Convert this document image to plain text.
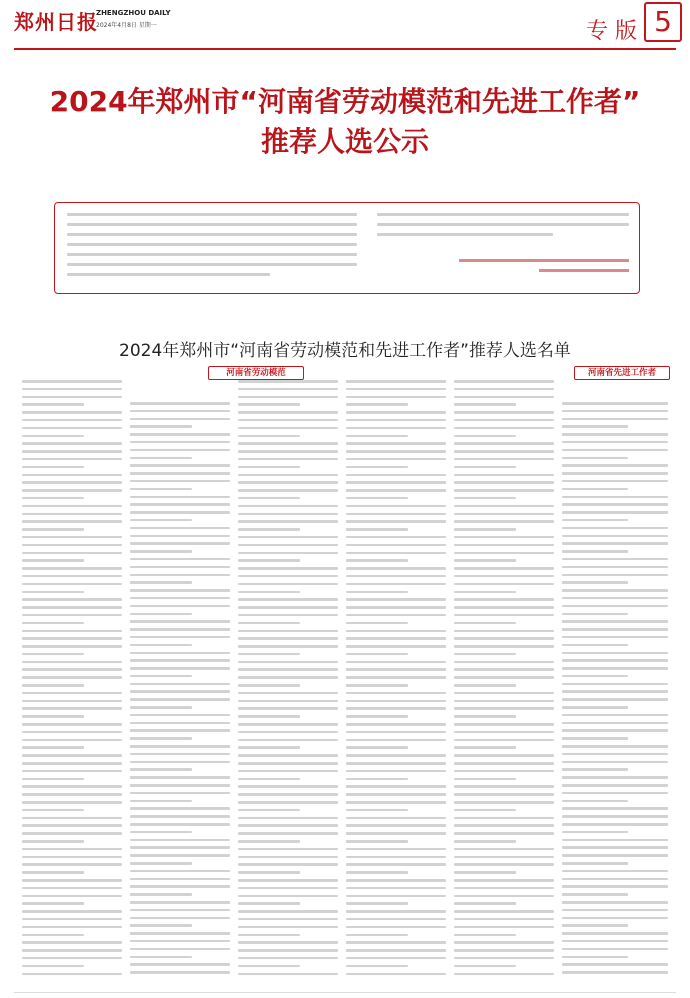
郑州日报
ZHENGZHOU DAILY
2024年4月8日 星期一	专 版 5
2024年郑州市“河南省劳动模范和先进工作者”
推荐人选公示
2024年郑州市“河南省劳动模范和先进工作者”推荐人选名单
河南省劳动模范	河南省先进工作者
